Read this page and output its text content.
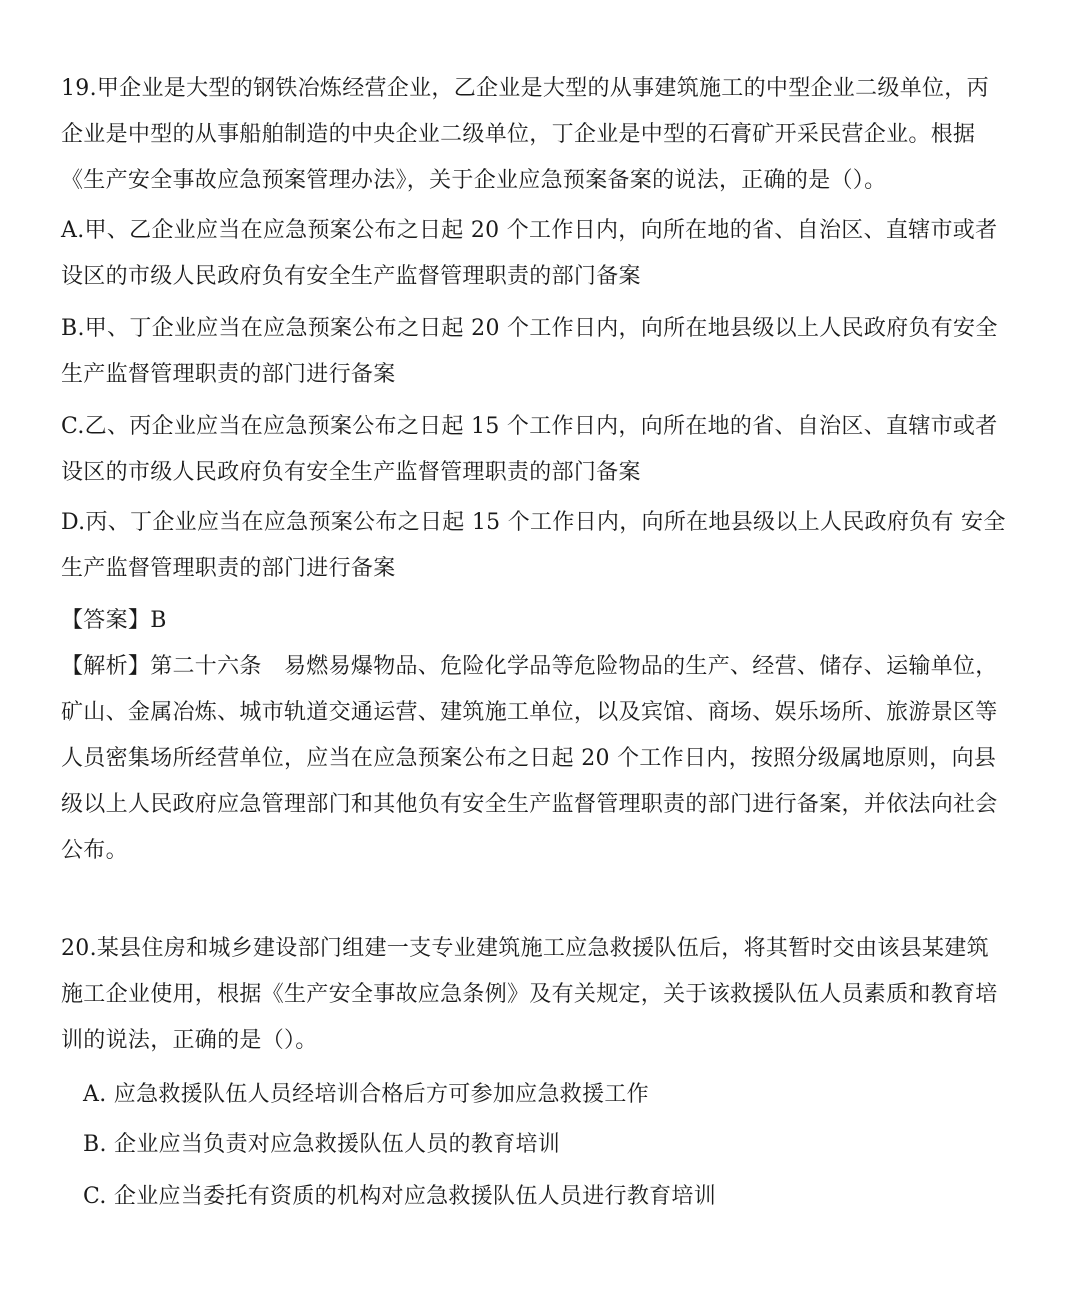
19.甲企业是大型的钢铁冶炼经营企业，乙企业是大型的从事建筑施工的中型企业二级单位，丙企业是中型的从事船舶制造的中央企业二级单位，丁企业是中型的石膏矿开采民营企业。根据《生产安全事故应急预案管理办法》，关于企业应急预案备案的说法，正确的是（）。

A.甲、乙企业应当在应急预案公布之日起 20 个工作日内，向所在地的省、自治区、直辖市或者设区的市级人民政府负有安全生产监督管理职责的部门备案

B.甲、丁企业应当在应急预案公布之日起 20 个工作日内，向所在地县级以上人民政府负有安全生产监督管理职责的部门进行备案

C.乙、丙企业应当在应急预案公布之日起 15 个工作日内，向所在地的省、自治区、直辖市或者设区的市级人民政府负有安全生产监督管理职责的部门备案

D.丙、丁企业应当在应急预案公布之日起 15 个工作日内，向所在地县级以上人民政府负有 安全生产监督管理职责的部门进行备案

【答案】B

【解析】第二十六条　易燃易爆物品、危险化学品等危险物品的生产、经营、储存、运输单位，矿山、金属冶炼、城市轨道交通运营、建筑施工单位，以及宾馆、商场、娱乐场所、旅游景区等人员密集场所经营单位，应当在应急预案公布之日起 20 个工作日内，按照分级属地原则，向县级以上人民政府应急管理部门和其他负有安全生产监督管理职责的部门进行备案，并依法向社会公布。

20.某县住房和城乡建设部门组建一支专业建筑施工应急救援队伍后，将其暂时交由该县某建筑施工企业使用，根据《生产安全事故应急条例》及有关规定，关于该救援队伍人员素质和教育培训的说法，正确的是（）。

A. 应急救援队伍人员经培训合格后方可参加应急救援工作

B. 企业应当负责对应急救援队伍人员的教育培训

C. 企业应当委托有资质的机构对应急救援队伍人员进行教育培训
